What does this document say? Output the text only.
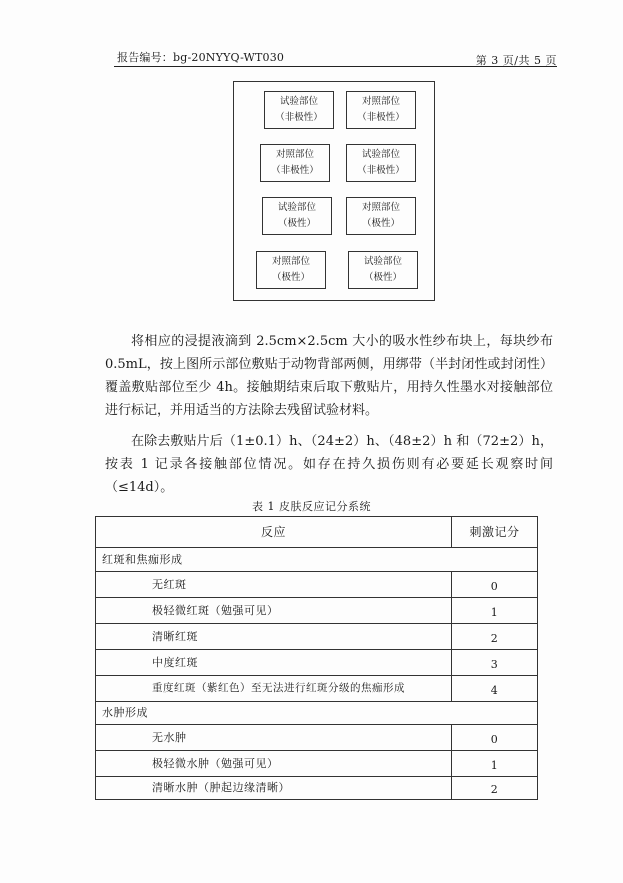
报告编号：bg-20NYYQ-WT030	第 3 页/共 5 页
试验部位
（非极性）
对照部位
（非极性）
对照部位
（非极性）
试验部位
（非极性）
试验部位
（极性）
对照部位
（极性）
对照部位
（极性）
试验部位
（极性）
将相应的浸提液滴到 2.5cm×2.5cm 大小的吸水性纱布块上，每块纱布 0.5mL，按上图所示部位敷贴于动物背部两侧，用绑带（半封闭性或封闭性）覆盖敷贴部位至少 4h。接触期结束后取下敷贴片，用持久性墨水对接触部位进行标记，并用适当的方法除去残留试验材料。
在除去敷贴片后（1±0.1）h、（24±2）h、（48±2）h 和（72±2）h，按表 1 记录各接触部位情况。如存在持久损伤则有必要延长观察时间（≤14d）。
表 1 皮肤反应记分系统
反应	刺激记分
红斑和焦痂形成
无红斑	0
极轻微红斑（勉强可见）	1
清晰红斑	2
中度红斑	3
重度红斑（紫红色）至无法进行红斑分级的焦痂形成	4
水肿形成
无水肿	0
极轻微水肿（勉强可见）	1
清晰水肿（肿起边缘清晰）	2
